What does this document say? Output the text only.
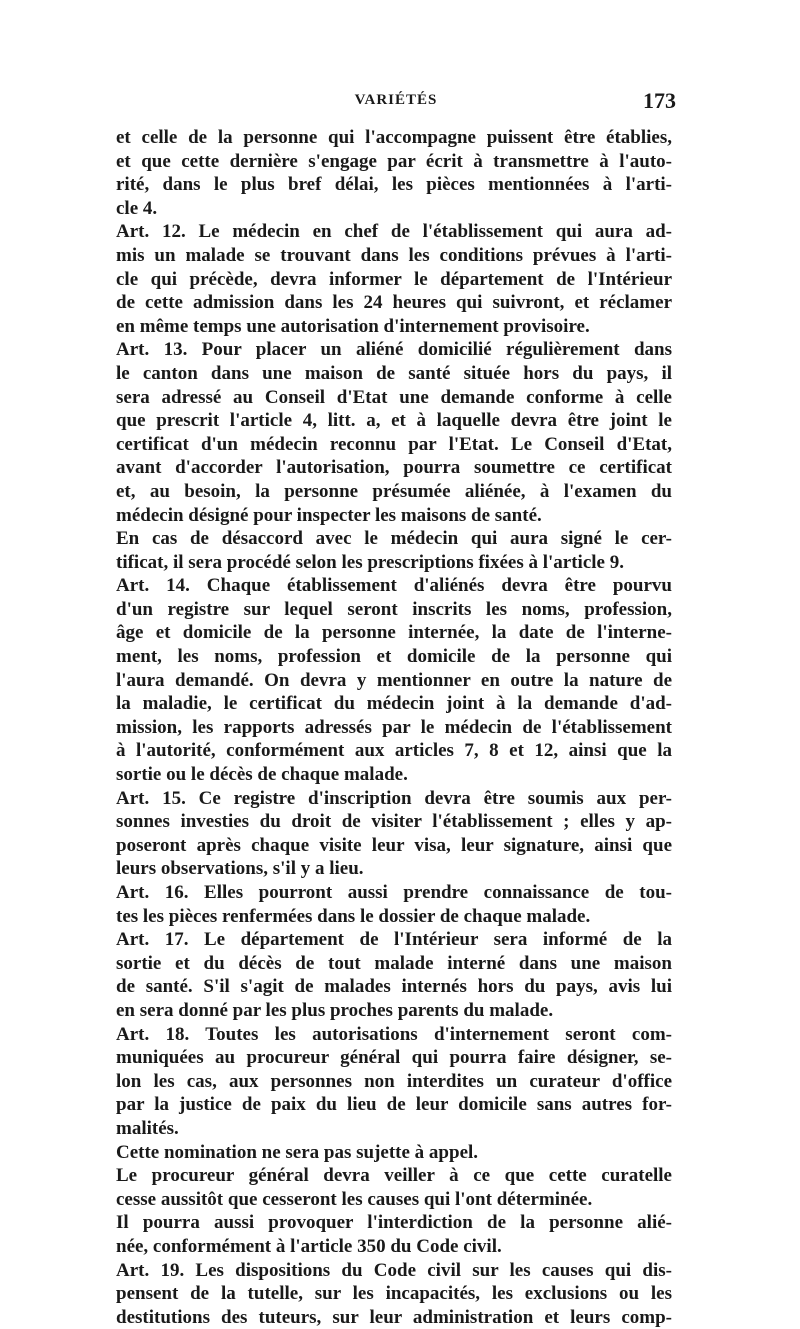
VARIÉTÉS	173
et celle de la personne qui l'accompagne puissent être établies,
et que cette dernière s'engage par écrit à transmettre à l'auto-
rité, dans le plus bref délai, les pièces mentionnées à l'arti-
cle 4.
Art. 12. Le médecin en chef de l'établissement qui aura ad-
mis un malade se trouvant dans les conditions prévues à l'arti-
cle qui précède, devra informer le département de l'Intérieur
de cette admission dans les 24 heures qui suivront, et réclamer
en même temps une autorisation d'internement provisoire.
Art. 13. Pour placer un aliéné domicilié régulièrement dans
le canton dans une maison de santé située hors du pays, il
sera adressé au Conseil d'Etat une demande conforme à celle
que prescrit l'article 4, litt. a, et à laquelle devra être joint le
certificat d'un médecin reconnu par l'Etat. Le Conseil d'Etat,
avant d'accorder l'autorisation, pourra soumettre ce certificat
et, au besoin, la personne présumée aliénée, à l'examen du
médecin désigné pour inspecter les maisons de santé.
En cas de désaccord avec le médecin qui aura signé le cer-
tificat, il sera procédé selon les prescriptions fixées à l'article 9.
Art. 14. Chaque établissement d'aliénés devra être pourvu
d'un registre sur lequel seront inscrits les noms, profession,
âge et domicile de la personne internée, la date de l'interne-
ment, les noms, profession et domicile de la personne qui
l'aura demandé. On devra y mentionner en outre la nature de
la maladie, le certificat du médecin joint à la demande d'ad-
mission, les rapports adressés par le médecin de l'établissement
à l'autorité, conformément aux articles 7, 8 et 12, ainsi que la
sortie ou le décès de chaque malade.
Art. 15. Ce registre d'inscription devra être soumis aux per-
sonnes investies du droit de visiter l'établissement ; elles y ap-
poseront après chaque visite leur visa, leur signature, ainsi que
leurs observations, s'il y a lieu.
Art. 16. Elles pourront aussi prendre connaissance de tou-
tes les pièces renfermées dans le dossier de chaque malade.
Art. 17. Le département de l'Intérieur sera informé de la
sortie et du décès de tout malade interné dans une maison
de santé. S'il s'agit de malades internés hors du pays, avis lui
en sera donné par les plus proches parents du malade.
Art. 18. Toutes les autorisations d'internement seront com-
muniquées au procureur général qui pourra faire désigner, se-
lon les cas, aux personnes non interdites un curateur d'office
par la justice de paix du lieu de leur domicile sans autres for-
malités.
Cette nomination ne sera pas sujette à appel.
Le procureur général devra veiller à ce que cette curatelle
cesse aussitôt que cesseront les causes qui l'ont déterminée.
Il pourra aussi provoquer l'interdiction de la personne alié-
née, conformément à l'article 350 du Code civil.
Art. 19. Les dispositions du Code civil sur les causes qui dis-
pensent de la tutelle, sur les incapacités, les exclusions ou les
destitutions des tuteurs, sur leur administration et leurs comp-
